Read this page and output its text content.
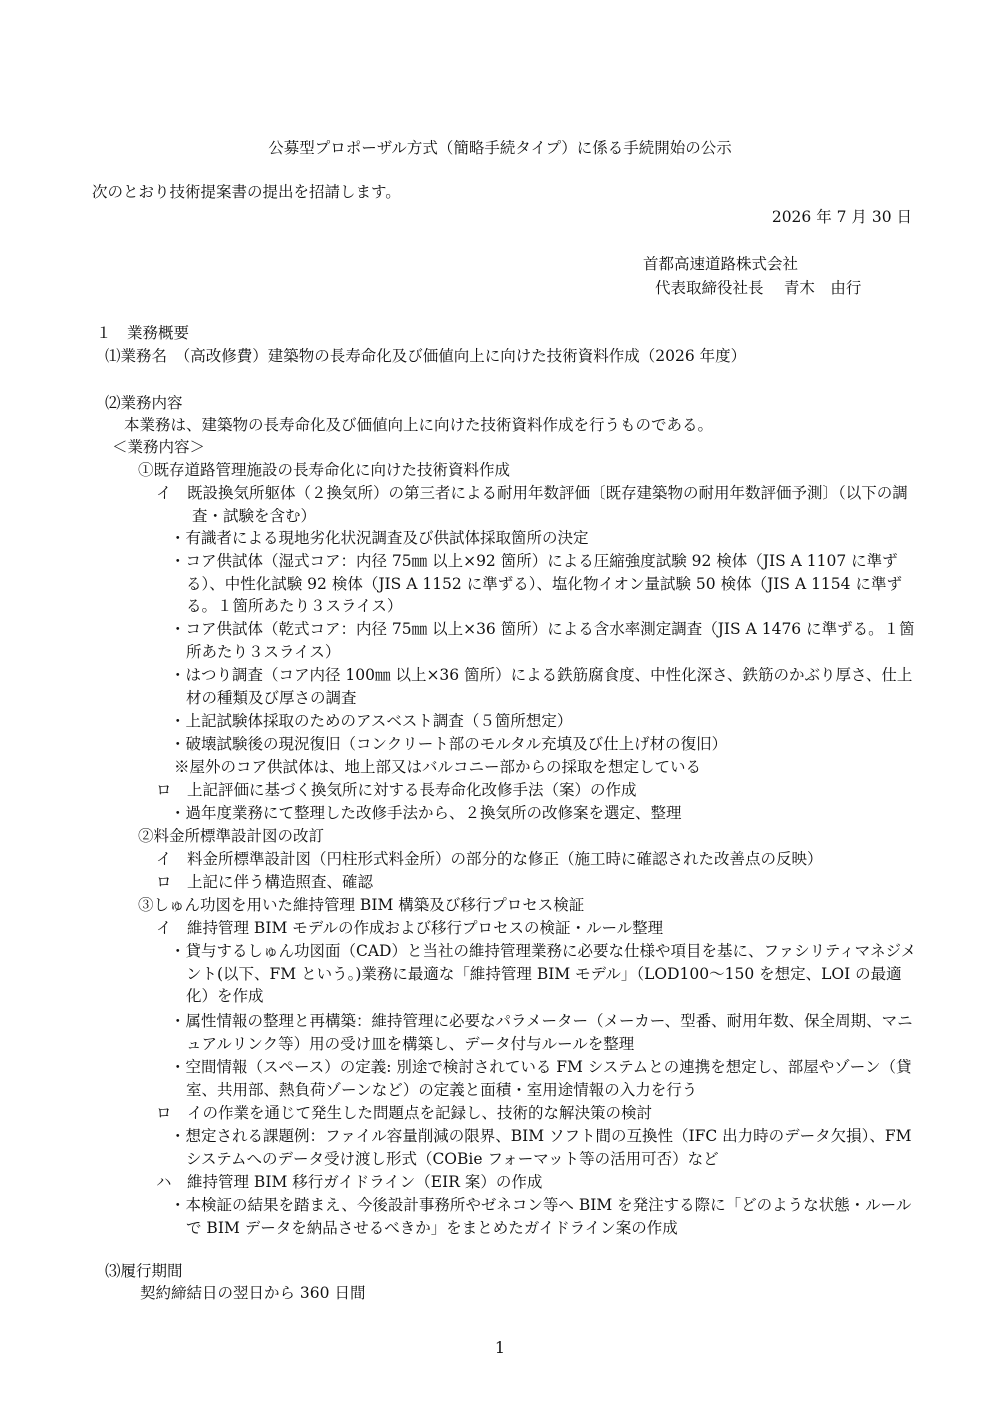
公募型プロポーザル方式（簡略手続タイプ）に係る手続開始の公示
次のとおり技術提案書の提出を招請します。
2026 年 7 月 30 日
首都高速道路株式会社
代表取締役社長　 青木　由行
１　業務概要
⑴業務名　（高改修費）建築物の長寿命化及び価値向上に向けた技術資料作成（2026 年度）
⑵業務内容
本業務は、建築物の長寿命化及び価値向上に向けた技術資料作成を行うものである。
＜業務内容＞
①既存道路管理施設の長寿命化に向けた技術資料作成
イ　既設換気所躯体（２換気所）の第三者による耐用年数評価〔既存建築物の耐用年数評価予測〕（以下の調査・試験を含む）
・有識者による現地劣化状況調査及び供試体採取箇所の決定
・コア供試体（湿式コア：内径 75㎜ 以上×92 箇所）による圧縮強度試験 92 検体（JIS A 1107 に準ずる）、中性化試験 92 検体（JIS A 1152 に準ずる）、塩化物イオン量試験 50 検体（JIS A 1154 に準ずる。１箇所あたり３スライス）
・コア供試体（乾式コア：内径 75㎜ 以上×36 箇所）による含水率測定調査（JIS A 1476 に準ずる。１箇所あたり３スライス）
・はつり調査（コア内径 100㎜ 以上×36 箇所）による鉄筋腐食度、中性化深さ、鉄筋のかぶり厚さ、仕上材の種類及び厚さの調査
・上記試験体採取のためのアスベスト調査（５箇所想定）
・破壊試験後の現況復旧（コンクリート部のモルタル充填及び仕上げ材の復旧）
※屋外のコア供試体は、地上部又はバルコニー部からの採取を想定している
ロ　上記評価に基づく換気所に対する長寿命化改修手法（案）の作成
・過年度業務にて整理した改修手法から、２換気所の改修案を選定、整理
②料金所標準設計図の改訂
イ　料金所標準設計図（円柱形式料金所）の部分的な修正（施工時に確認された改善点の反映）
ロ　上記に伴う構造照査、確認
③しゅん功図を用いた維持管理 BIM 構築及び移行プロセス検証
イ　維持管理 BIM モデルの作成および移行プロセスの検証・ルール整理
・貸与するしゅん功図面（CAD）と当社の維持管理業務に必要な仕様や項目を基に、ファシリティマネジメント(以下、FM という。)業務に最適な「維持管理 BIM モデル」（LOD100～150 を想定、LOI の最適化）を作成
・属性情報の整理と再構築：維持管理に必要なパラメーター（メーカー、型番、耐用年数、保全周期、マニュアルリンク等）用の受け皿を構築し、データ付与ルールを整理
・空間情報（スペース）の定義: 別途で検討されている FM システムとの連携を想定し、部屋やゾーン（貸室、共用部、熱負荷ゾーンなど）の定義と面積・室用途情報の入力を行う
ロ　イの作業を通じて発生した問題点を記録し、技術的な解決策の検討
・想定される課題例：ファイル容量削減の限界、BIM ソフト間の互換性（IFC 出力時のデータ欠損）、FM システムへのデータ受け渡し形式（COBie フォーマット等の活用可否）など
ハ　維持管理 BIM 移行ガイドライン（EIR 案）の作成
・本検証の結果を踏まえ、今後設計事務所やゼネコン等へ BIM を発注する際に「どのような状態・ルールで BIM データを納品させるべきか」をまとめたガイドライン案の作成
⑶履行期間
契約締結日の翌日から 360 日間
1
